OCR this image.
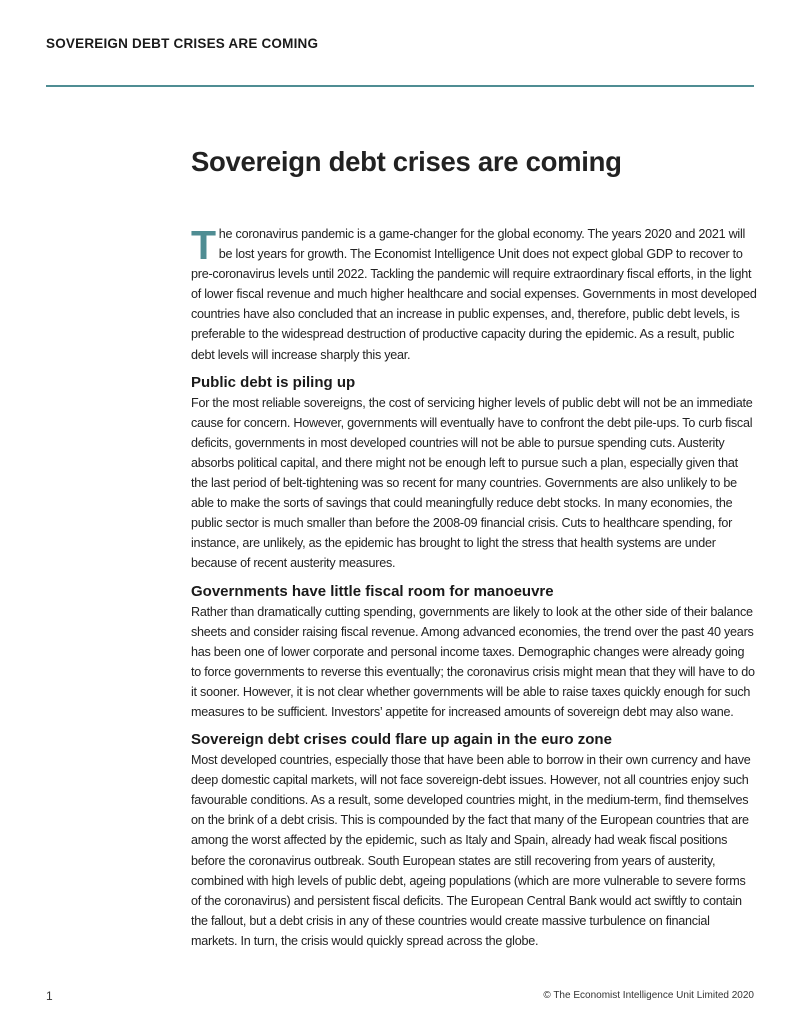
SOVEREIGN DEBT CRISES ARE COMING
Sovereign debt crises are coming

The coronavirus pandemic is a game-changer for the global economy. The years 2020 and 2021 will be lost years for growth. The Economist Intelligence Unit does not expect global GDP to recover to pre-coronavirus levels until 2022. Tackling the pandemic will require extraordinary fiscal efforts, in the light of lower fiscal revenue and much higher healthcare and social expenses. Governments in most developed countries have also concluded that an increase in public expenses, and, therefore, public debt levels, is preferable to the widespread destruction of productive capacity during the epidemic. As a result, public debt levels will increase sharply this year.

Public debt is piling up

For the most reliable sovereigns, the cost of servicing higher levels of public debt will not be an immediate cause for concern. However, governments will eventually have to confront the debt pile-ups. To curb fiscal deficits, governments in most developed countries will not be able to pursue spending cuts. Austerity absorbs political capital, and there might not be enough left to pursue such a plan, especially given that the last period of belt-tightening was so recent for many countries. Governments are also unlikely to be able to make the sorts of savings that could meaningfully reduce debt stocks. In many economies, the public sector is much smaller than before the 2008-09 financial crisis. Cuts to healthcare spending, for instance, are unlikely, as the epidemic has brought to light the stress that health systems are under because of recent austerity measures.

Governments have little fiscal room for manoeuvre

Rather than dramatically cutting spending, governments are likely to look at the other side of their balance sheets and consider raising fiscal revenue. Among advanced economies, the trend over the past 40 years has been one of lower corporate and personal income taxes. Demographic changes were already going to force governments to reverse this eventually; the coronavirus crisis might mean that they will have to do it sooner. However, it is not clear whether governments will be able to raise taxes quickly enough for such measures to be sufficient. Investors’ appetite for increased amounts of sovereign debt may also wane.

Sovereign debt crises could flare up again in the euro zone

Most developed countries, especially those that have been able to borrow in their own currency and have deep domestic capital markets, will not face sovereign-debt issues. However, not all countries enjoy such favourable conditions. As a result, some developed countries might, in the medium-term, find themselves on the brink of a debt crisis. This is compounded by the fact that many of the European countries that are among the worst affected by the epidemic, such as Italy and Spain, already had weak fiscal positions before the coronavirus outbreak. South European states are still recovering from years of austerity, combined with high levels of public debt, ageing populations (which are more vulnerable to severe forms of the coronavirus) and persistent fiscal deficits. The European Central Bank would act swiftly to contain the fallout, but a debt crisis in any of these countries would create massive turbulence on financial markets. In turn, the crisis would quickly spread across the globe.

1	© The Economist Intelligence Unit Limited 2020
